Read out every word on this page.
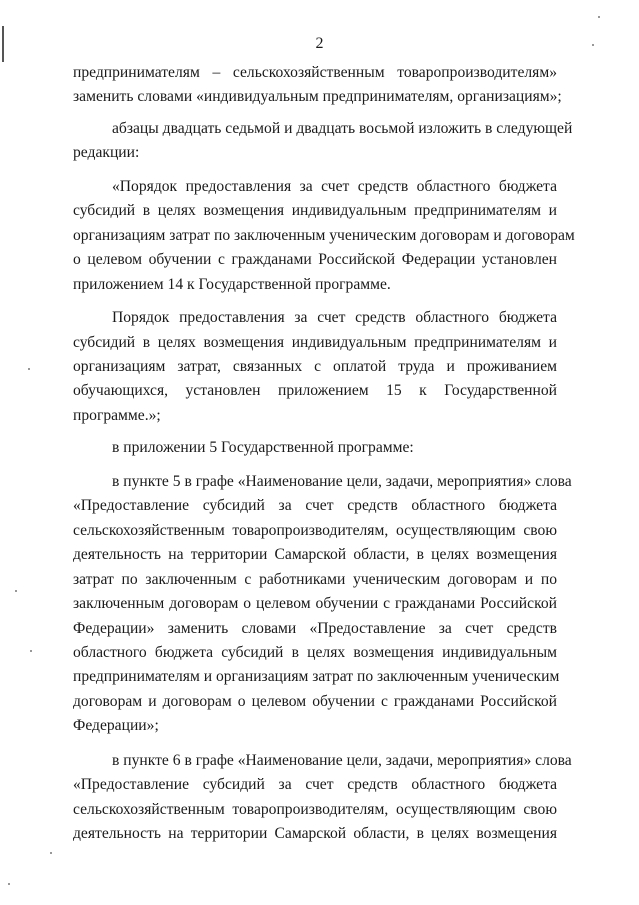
2
предпринимателям – сельскохозяйственным товаропроизводителям»
заменить словами «индивидуальным предпринимателям, организациям»;
абзацы двадцать седьмой и двадцать восьмой изложить в следующей
редакции:
«Порядок предоставления за счет средств областного бюджета
субсидий в целях возмещения индивидуальным предпринимателям и
организациям затрат по заключенным ученическим договорам и договорам
о целевом обучении с гражданами Российской Федерации установлен
приложением 14 к Государственной программе.
Порядок предоставления за счет средств областного бюджета
субсидий в целях возмещения индивидуальным предпринимателям и
организациям затрат, связанных с оплатой труда и проживанием
обучающихся, установлен приложением 15 к Государственной
программе.»;
в приложении 5 Государственной программе:
в пункте 5 в графе «Наименование цели, задачи, мероприятия» слова
«Предоставление субсидий за счет средств областного бюджета
сельскохозяйственным товаропроизводителям, осуществляющим свою
деятельность на территории Самарской области, в целях возмещения
затрат по заключенным с работниками ученическим договорам и по
заключенным договорам о целевом обучении с гражданами Российской
Федерации» заменить словами «Предоставление за счет средств
областного бюджета субсидий в целях возмещения индивидуальным
предпринимателям и организациям затрат по заключенным ученическим
договорам и договорам о целевом обучении с гражданами Российской
Федерации»;
в пункте 6 в графе «Наименование цели, задачи, мероприятия» слова
«Предоставление субсидий за счет средств областного бюджета
сельскохозяйственным товаропроизводителям, осуществляющим свою
деятельность на территории Самарской области, в целях возмещения
